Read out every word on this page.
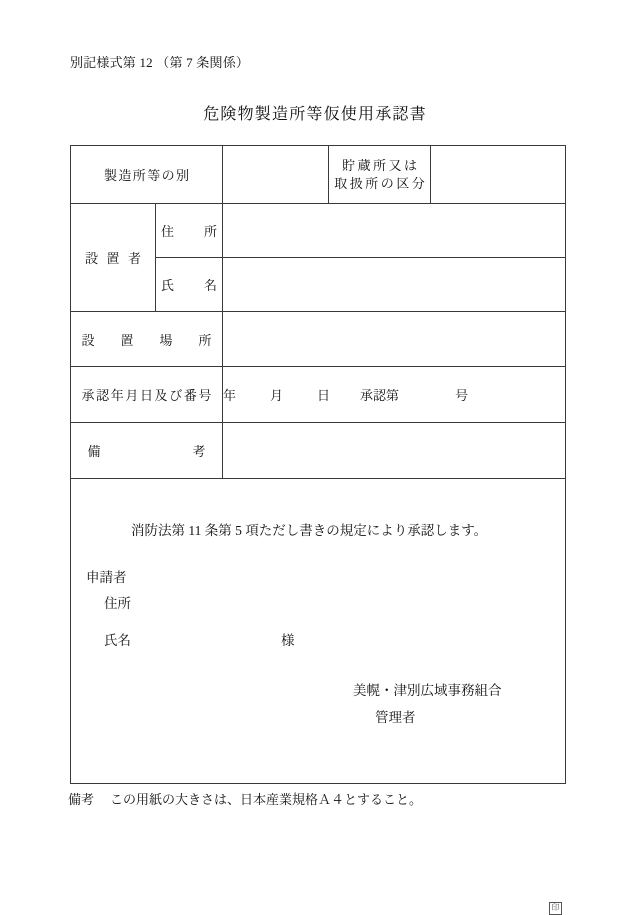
別記様式第 12 （第 7 条関係）
危険物製造所等仮使用承認書
製造所等の別			貯蔵所又は
取扱所の区分	

設置者	住所			

	氏名			

設置場所				

承認年月日及び番号		年 月 日 承認第 号		

備考				

消防法第 11 条第 5 項ただし書きの規定により承認します。
申請者
住所
氏名	様
美幌・津別広域事務組合
管理者
印
備考 この用紙の大きさは、日本産業規格Ａ４とすること。
